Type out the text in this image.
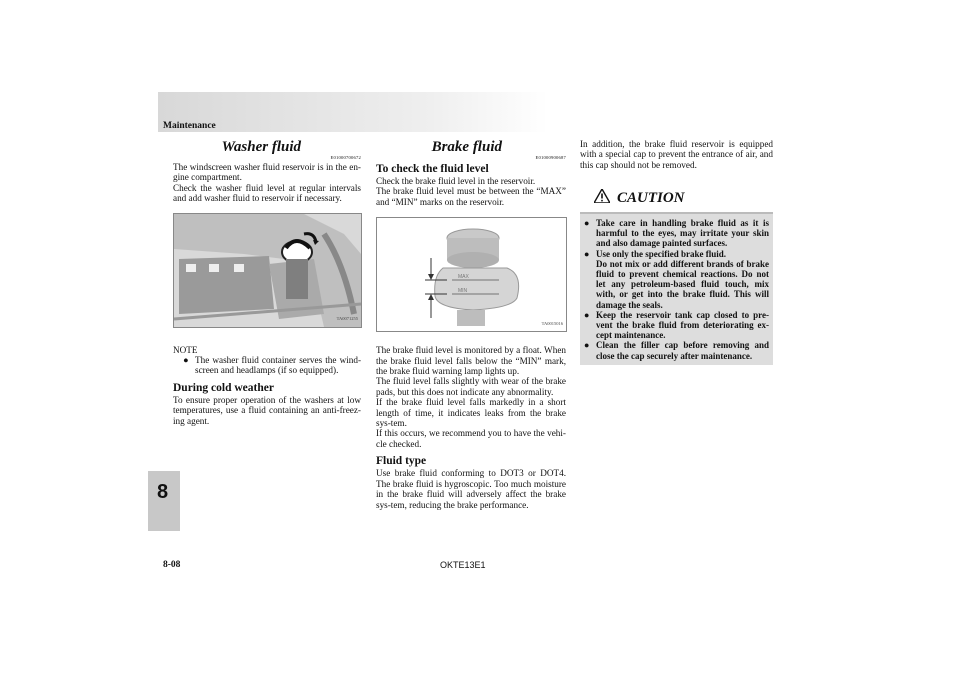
Maintenance
Washer fluid
E01000700672

The windscreen washer fluid reservoir is in the en-gine compartment.

Check the washer fluid level at regular intervals and add washer fluid to reservoir if necessary.

TA0071255
NOTE
● The washer fluid container serves the wind-screen and headlamps (if so equipped).

During cold weather

To ensure proper operation of the washers at low temperatures, use a fluid containing an anti-freez-ing agent.

Brake fluid
E01000900687
To check the fluid level

Check the brake fluid level in the reservoir.

The brake fluid level must be between the “MAX” and “MIN” marks on the reservoir.

MAX
MIN
TA0015016

The brake fluid level is monitored by a float. When the brake fluid level falls below the “MIN” mark, the brake fluid warning lamp lights up.

The fluid level falls slightly with wear of the brake pads, but this does not indicate any abnormality.

If the brake fluid level falls markedly in a short length of time, it indicates leaks from the brake sys-tem.

If this occurs, we recommend you to have the vehi-cle checked.

Fluid type

Use brake fluid conforming to DOT3 or DOT4. The brake fluid is hygroscopic. Too much moisture in the brake fluid will adversely affect the brake sys-tem, reducing the brake performance.

In addition, the brake fluid reservoir is equipped with a special cap to prevent the entrance of air, and this cap should not be removed.

CAUTION
● Take care in handling brake fluid as it is harmful to the eyes, may irritate your skin and also damage painted surfaces.

● Use only the specified brake fluid.
Do not mix or add different brands of brake fluid to prevent chemical reactions. Do not let any petroleum-based fluid touch, mix with, or get into the brake fluid. This will damage the seals.

● Keep the reservoir tank cap closed to pre-vent the brake fluid from deteriorating ex-cept maintenance.

● Clean the filler cap before removing and close the cap securely after maintenance.

8
8-08	OKTE13E1
